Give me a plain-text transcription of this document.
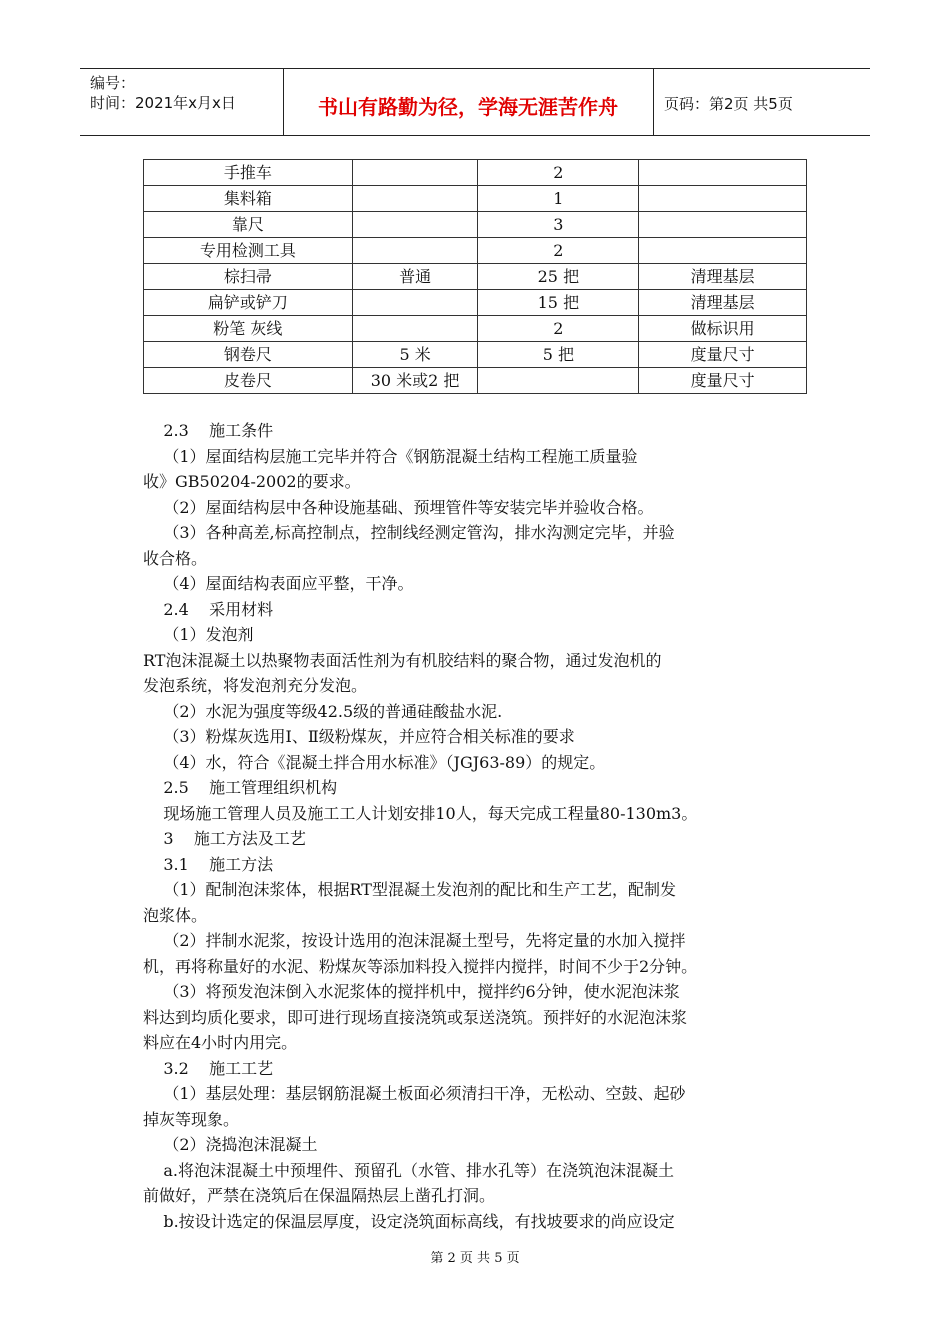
编号：
时间：2021年x月x日	书山有路勤为径，学海无涯苦作舟	页码：第2页 共5页
手推车		2	
集料箱		1	
靠尺		3	
专用检测工具		2	
棕扫帚	普通	25 把	清理基层
扁铲或铲刀		15 把	清理基层
粉笔 灰线		2	做标识用
钢卷尺	5 米	5 把	度量尺寸
皮卷尺	30 米或2 把		度量尺寸

2.3    施工条件

（1）屋面结构层施工完毕并符合《钢筋混凝土结构工程施工质量验

收》GB50204-2002的要求。

（2）屋面结构层中各种设施基础、预埋管件等安装完毕并验收合格。

（3）各种高差,标高控制点，控制线经测定管沟，排水沟测定完毕，并验

收合格。

（4）屋面结构表面应平整，干净。

2.4    采用材料

（1）发泡剂

RT泡沫混凝土以热聚物表面活性剂为有机胶结料的聚合物，通过发泡机的

发泡系统，将发泡剂充分发泡。

（2）水泥为强度等级42.5级的普通硅酸盐水泥.

（3）粉煤灰选用Ⅰ、Ⅱ级粉煤灰，并应符合相关标准的要求

（4）水，符合《混凝土拌合用水标准》（JGJ63-89）的规定。

2.5    施工管理组织机构

现场施工管理人员及施工工人计划安排10人，每天完成工程量80-130m3。

3    施工方法及工艺

3.1    施工方法

（1）配制泡沫浆体，根据RT型混凝土发泡剂的配比和生产工艺，配制发

泡浆体。

（2）拌制水泥浆，按设计选用的泡沫混凝土型号，先将定量的水加入搅拌

机，再将称量好的水泥、粉煤灰等添加料投入搅拌内搅拌，时间不少于2分钟。

（3）将预发泡沫倒入水泥浆体的搅拌机中，搅拌约6分钟，使水泥泡沫浆

料达到均质化要求，即可进行现场直接浇筑或泵送浇筑。预拌好的水泥泡沫浆

料应在4小时内用完。

3.2    施工工艺

（1）基层处理：基层钢筋混凝土板面必须清扫干净，无松动、空鼓、起砂

掉灰等现象。

（2）浇捣泡沫混凝土

a.将泡沫混凝土中预埋件、预留孔（水管、排水孔等）在浇筑泡沫混凝土

前做好，严禁在浇筑后在保温隔热层上凿孔打洞。

b.按设计选定的保温层厚度，设定浇筑面标高线，有找坡要求的尚应设定

第 2 页 共 5 页
